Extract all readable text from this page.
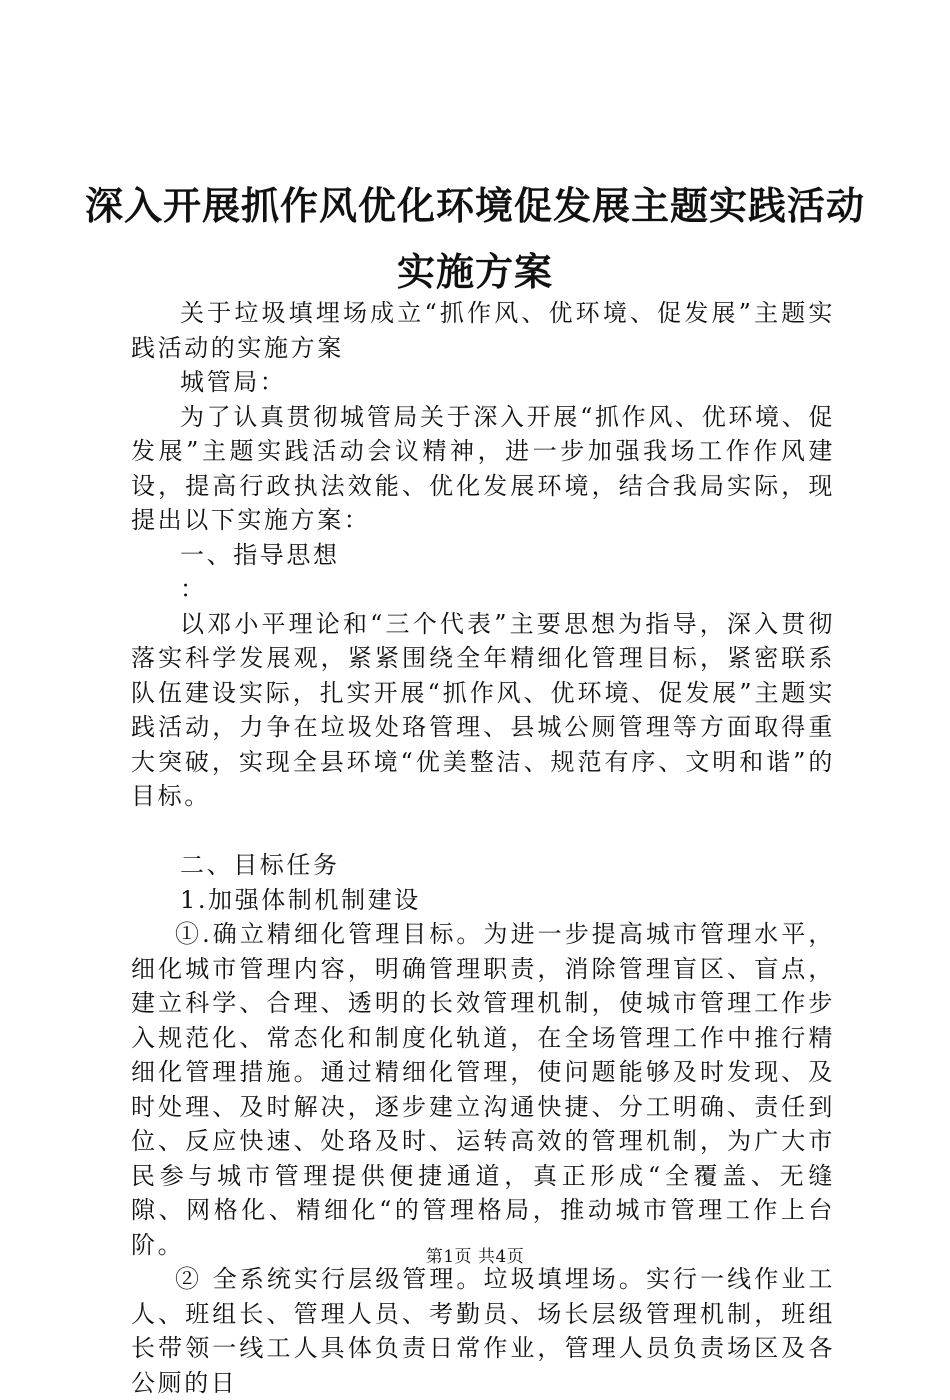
深入开展抓作风优化环境促发展主题实践活动
实施方案

关于垃圾填埋场成立“抓作风、优环境、促发展”主题实践活动的实施方案

城管局：

为了认真贯彻城管局关于深入开展“抓作风、优环境、促发展”主题实践活动会议精神，进一步加强我场工作作风建设，提高行政执法效能、优化发展环境，结合我局实际，现提出以下实施方案：

一、指导思想

：

以邓小平理论和“三个代表”主要思想为指导，深入贯彻落实科学发展观，紧紧围绕全年精细化管理目标，紧密联系队伍建设实际，扎实开展“抓作风、优环境、促发展”主题实践活动，力争在垃圾处珞管理、县城公厕管理等方面取得重大突破，实现全县环境“优美整洁、规范有序、文明和谐”的目标。

二、目标任务

1.加强体制机制建设

①.确立精细化管理目标。为进一步提高城市管理水平，细化城市管理内容，明确管理职责，消除管理盲区、盲点，建立科学、合理、透明的长效管理机制，使城市管理工作步入规范化、常态化和制度化轨道，在全场管理工作中推行精细化管理措施。通过精细化管理，使问题能够及时发现、及时处理、及时解决，逐步建立沟通快捷、分工明确、责任到位、反应快速、处珞及时、运转高效的管理机制，为广大市民参与城市管理提供便捷通道，真正形成“全覆盖、无缝隙、网格化、精细化“的管理格局，推动城市管理工作上台阶。

② 全系统实行层级管理。垃圾填埋场。实行一线作业工人、班组长、管理人员、考勤员、场长层级管理机制，班组长带领一线工人具体负责日常作业，管理人员负责场区及各公厕的日

第1页 共4页
